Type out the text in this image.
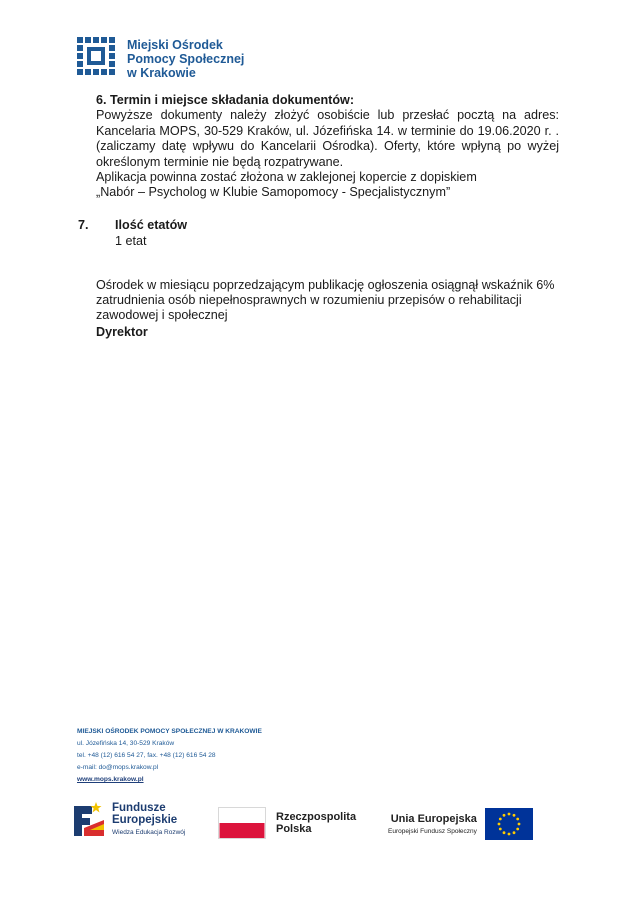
Miejski Ośrodek
Pomocy Społecznej
w Krakowie

6. Termin i miejsce składania dokumentów:

Powyższe dokumenty należy złożyć osobiście lub przesłać pocztą na adres: Kancelaria MOPS, 30-529 Kraków, ul. Józefińska 14. w terminie do 19.06.2020 r. .(zaliczamy datę wpływu do Kancelarii Ośrodka). Oferty, które wpłyną po wyżej określonym terminie nie będą rozpatrywane.

Aplikacja powinna zostać złożona w zaklejonej kopercie z dopiskiem

„Nabór – Psycholog w Klubie Samopomocy - Specjalistycznym”

7. Ilość etatów
1 etat

Ośrodek w miesiącu poprzedzającym publikację ogłoszenia osiągnął wskaźnik 6% zatrudnienia osób niepełnosprawnych w rozumieniu przepisów o rehabilitacji zawodowej i społecznej

Dyrektor
MIEJSKI OŚRODEK POMOCY SPOŁECZNEJ W KRAKOWIE
ul. Józefińska 14, 30-529 Kraków
tel. +48 (12) 616 54 27, fax. +48 (12) 616 54 28
e-mail: do@mops.krakow.pl
www.mops.krakow.pl
Fundusze
Europejskie
Wiedza Edukacja Rozwój
Rzeczpospolita
Polska
Unia Europejska
Europejski Fundusz Społeczny
